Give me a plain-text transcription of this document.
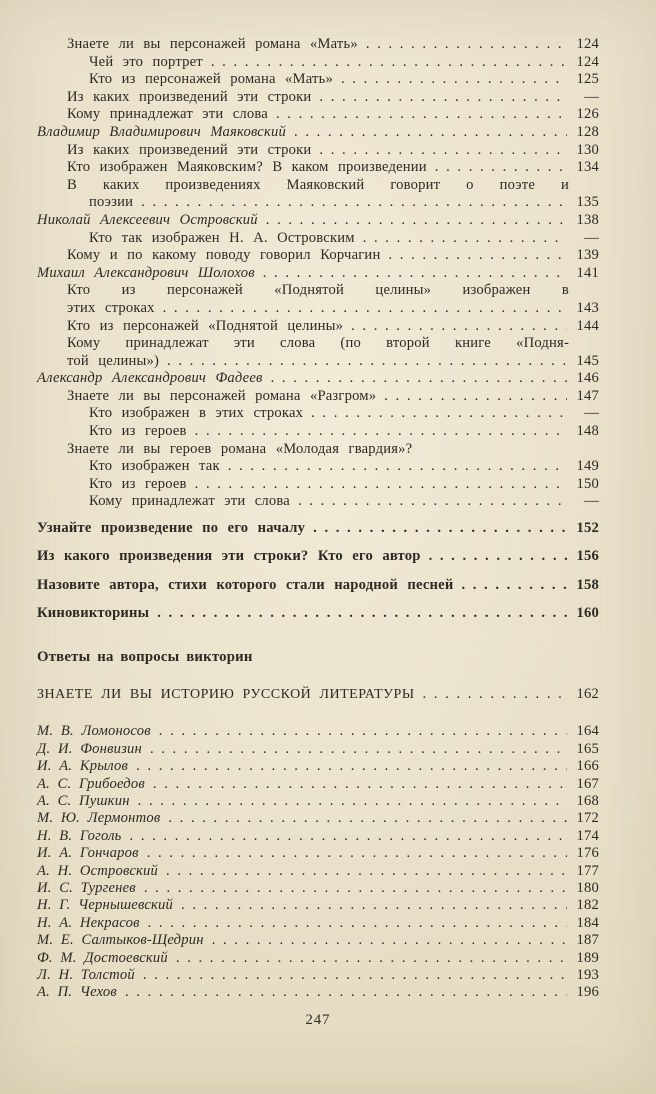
Знаете ли вы персонажей романа «Мать» . . .	124
Чей это портрет . . .	124
Кто из персонажей романа «Мать» . . .	125
Из каких произведений эти строки . . .	—
Кому принадлежат эти слова . . .	126
Владимир Владимирович Маяковский . . .	128
Из каких произведений эти строки . . .	130
Кто изображен Маяковским? В каком произведении . . .	134
В каких произведениях Маяковский говорит о поэте и
поэзии . . .	135
Николай Алексеевич Островский . . .	138
Кто так изображен Н. А. Островским . . .	—
Кому и по какому поводу говорил Корчагин . . .	139
Михаил Александрович Шолохов . . .	141
Кто из персонажей «Поднятой целины» изображен в
этих строках . . .	143
Кто из персонажей «Поднятой целины» . . .	144
Кому принадлежат эти слова (по второй книге «Подня-
той целины») . . .	145
Александр Александрович Фадеев . . .	146
Знаете ли вы персонажей романа «Разгром» . . .	147
Кто изображен в этих строках . . .	—
Кто из героев . . .	148
Знаете ли вы героев романа «Молодая гвардия»?
Кто изображен так . . .	149
Кто из героев . . .	150
Кому принадлежат эти слова . . .	—
Узнайте произведение по его началу . . .	152
Из какого произведения эти строки? Кто его автор . . .	156
Назовите автора, стихи которого стали народной песней . . .	158
Киновикторины . . .	160
Ответы на вопросы викторин
ЗНАЕТЕ ЛИ ВЫ ИСТОРИЮ РУССКОЙ ЛИТЕРАТУРЫ . . .	162
М. В. Ломоносов . . .	164
Д. И. Фонвизин . . .	165
И. А. Крылов . . .	166
А. С. Грибоедов . . .	167
А. С. Пушкин . . .	168
М. Ю. Лермонтов . . .	172
Н. В. Гоголь . . .	174
И. А. Гончаров . . .	176
А. Н. Островский . . .	177
И. С. Тургенев . . .	180
Н. Г. Чернышевский . . .	182
Н. А. Некрасов . . .	184
М. Е. Салтыков-Щедрин . . .	187
Ф. М. Достоевский . . .	189
Л. Н. Толстой . . .	193
А. П. Чехов . . .	196
247
